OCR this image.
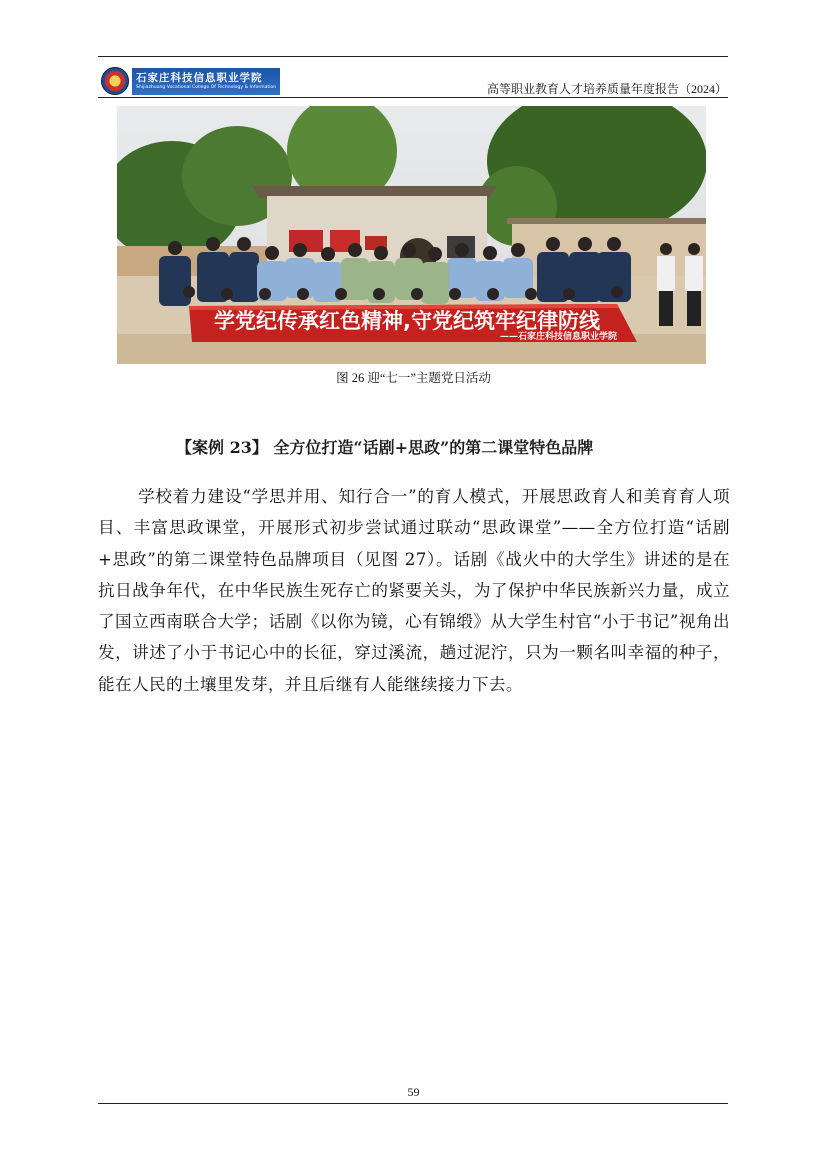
石家庄科技信息职业学院
Shijiazhuang Vocational College Of Technology & Information	高等职业教育人才培养质量年度报告（2024）
学党纪传承红色精神,守党纪筑牢纪律防线
——石家庄科技信息职业学院
图 26 迎“七一”主题党日活动
【案例 23】 全方位打造“话剧+思政”的第二课堂特色品牌

学校着力建设“学思并用、知行合一”的育人模式，开展思政育人和美育育人项目、丰富思政课堂，开展形式初步尝试通过联动“思政课堂”——全方位打造“话剧+思政”的第二课堂特色品牌项目（见图 27）。话剧《战火中的大学生》讲述的是在抗日战争年代，在中华民族生死存亡的紧要关头，为了保护中华民族新兴力量，成立了国立西南联合大学；话剧《以你为镜，心有锦缎》从大学生村官“小于书记”视角出发，讲述了小于书记心中的长征，穿过溪流，趟过泥泞，只为一颗名叫幸福的种子，能在人民的土壤里发芽，并且后继有人能继续接力下去。

59
